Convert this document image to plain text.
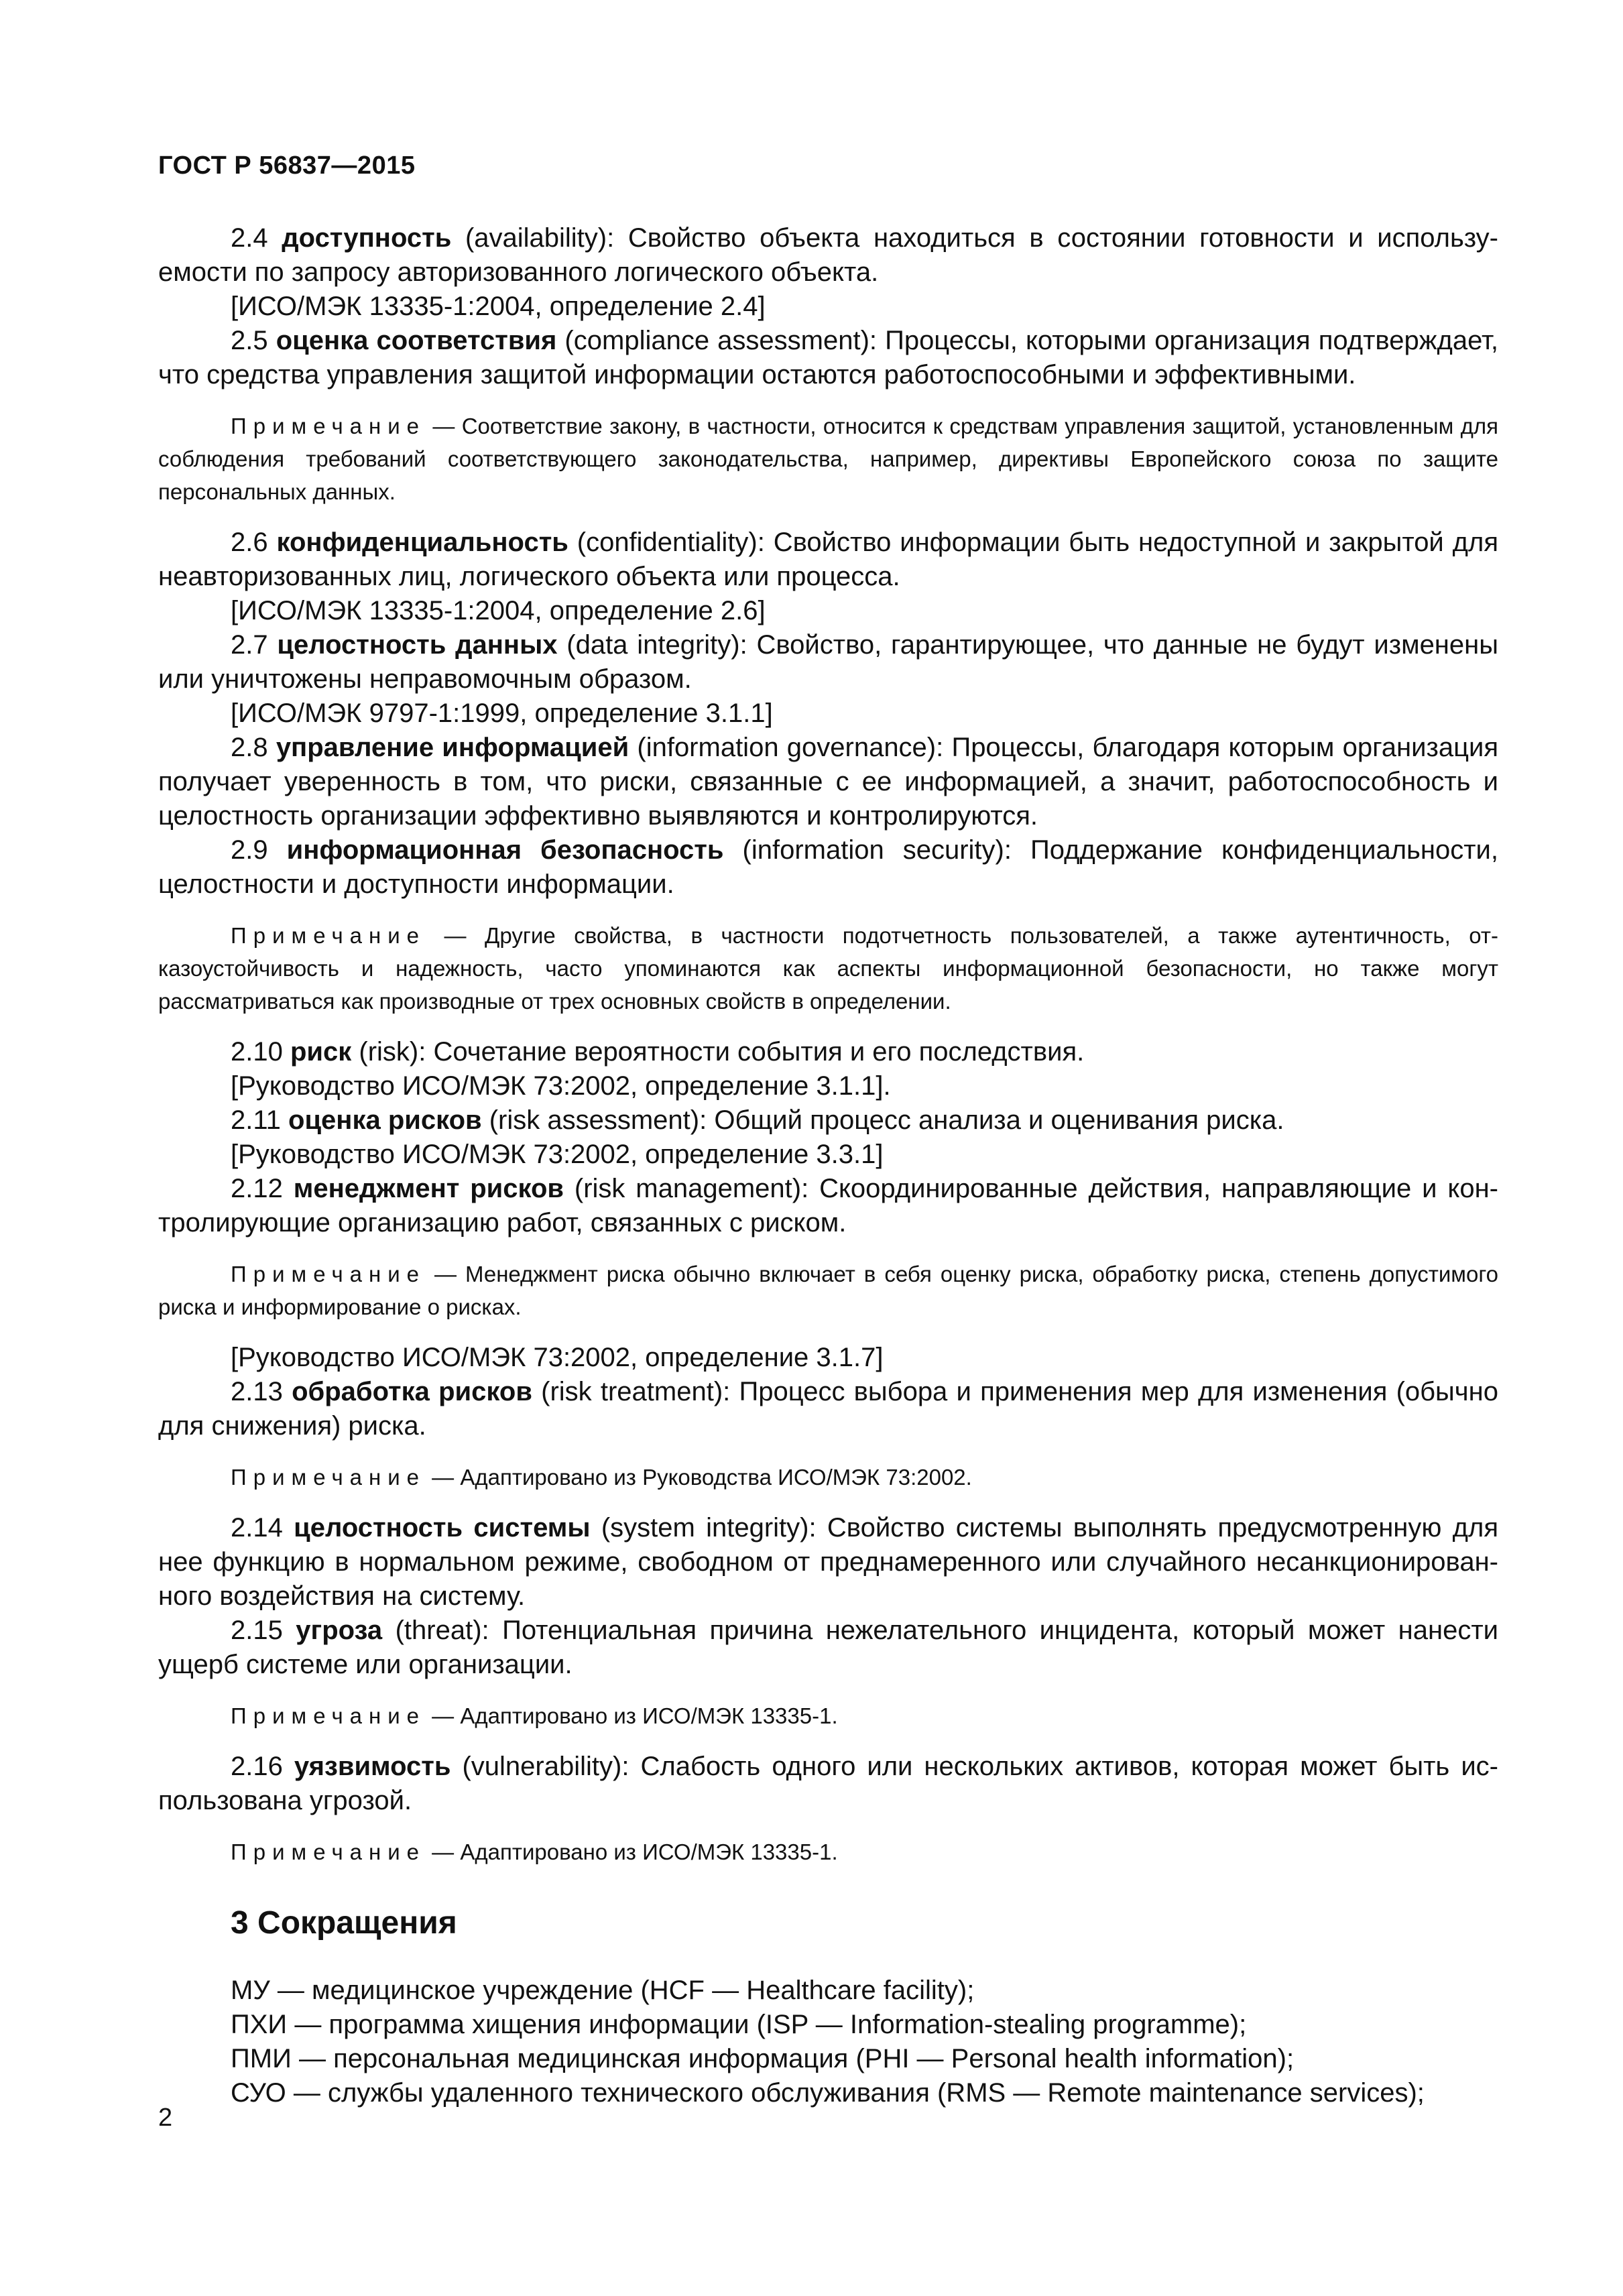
ГОСТ Р 56837—2015
2.4 доступность (availability): Свойство объекта находиться в состоянии готовности и используемости по запросу авторизованного логического объекта.

[ИСО/МЭК 13335-1:2004, определение 2.4]

2.5 оценка соответствия (compliance assessment): Процессы, которыми организация подтверждает, что средства управления защитой информации остаются работоспособными и эффективными.

Примечание — Соответствие закону, в частности, относится к средствам управления защитой, установленным для соблюдения требований соответствующего законодательства, например, директивы Европейского союза по защите персональных данных.

2.6 конфиденциальность (confidentiality): Свойство информации быть недоступной и закрытой для неавторизованных лиц, логического объекта или процесса.

[ИСО/МЭК 13335-1:2004, определение 2.6]

2.7 целостность данных (data integrity): Свойство, гарантирующее, что данные не будут изменены или уничтожены неправомочным образом.

[ИСО/МЭК 9797-1:1999, определение 3.1.1]

2.8 управление информацией (information governance): Процессы, благодаря которым организация получает уверенность в том, что риски, связанные с ее информацией, а значит, работоспособность и целостность организации эффективно выявляются и контролируются.
2.9 информационная безопасность (information security): Поддержание конфиденциальности, целостности и доступности информации.

Примечание — Другие свойства, в частности подотчетность пользователей, а также аутентичность, отказоустойчивость и надежность, часто упоминаются как аспекты информационной безопасности, но также могут рассматриваться как производные от трех основных свойств в определении.

2.10 риск (risk): Сочетание вероятности события и его последствия.

[Руководство ИСО/МЭК 73:2002, определение 3.1.1].

2.11 оценка рисков (risk assessment): Общий процесс анализа и оценивания риска.

[Руководство ИСО/МЭК 73:2002, определение 3.3.1]

2.12 менеджмент рисков (risk management): Скоординированные действия, направляющие и контролирующие организацию работ, связанных с риском.

Примечание — Менеджмент риска обычно включает в себя оценку риска, обработку риска, степень допустимого риска и информирование о рисках.

[Руководство ИСО/МЭК 73:2002, определение 3.1.7]

2.13 обработка рисков (risk treatment): Процесс выбора и применения мер для изменения (обычно для снижения) риска.

Примечание — Адаптировано из Руководства ИСО/МЭК 73:2002.

2.14 целостность системы (system integrity): Свойство системы выполнять предусмотренную для нее функцию в нормальном режиме, свободном от преднамеренного или случайного несанкционированного воздействия на систему.
2.15 угроза (threat): Потенциальная причина нежелательного инцидента, который может нанести ущерб системе или организации.

Примечание — Адаптировано из ИСО/МЭК 13335-1.

2.16 уязвимость (vulnerability): Слабость одного или нескольких активов, которая может быть использована угрозой.

Примечание — Адаптировано из ИСО/МЭК 13335-1.

3 Сокращения

МУ — медицинское учреждение (HCF — Healthcare facility);

ПХИ — программа хищения информации (ISP — Information-stealing programme);

ПМИ — персональная медицинская информация (PHI — Personal health information);

СУО — службы удаленного технического обслуживания (RMS — Remote maintenance services);

2
